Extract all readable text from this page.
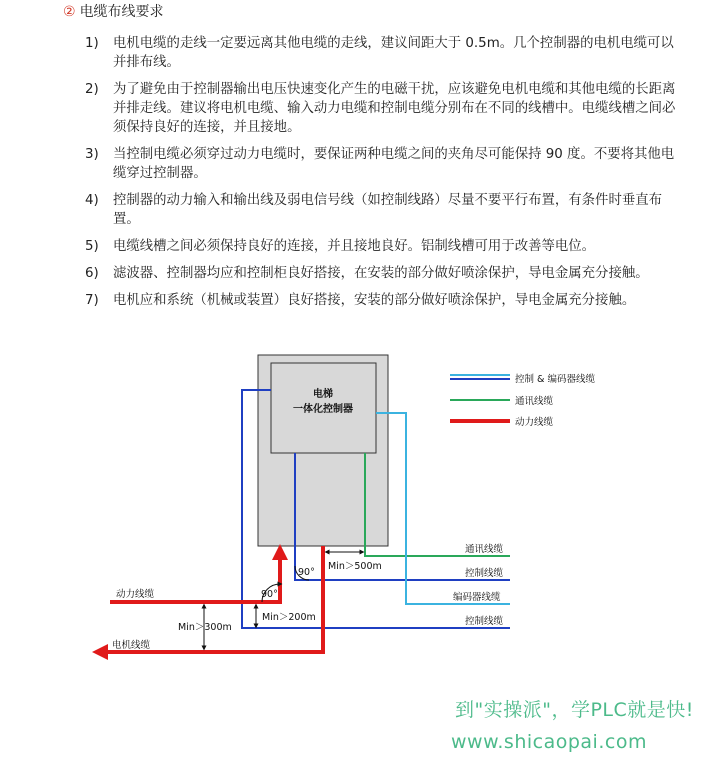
② 电缆布线要求
1)	电机电缆的走线一定要远离其他电缆的走线，建议间距大于 0.5m。几个控制器的电机电缆可以并排布线。
2)	为了避免由于控制器输出电压快速变化产生的电磁干扰，应该避免电机电缆和其他电缆的长距离并排走线。建议将电机电缆、输入动力电缆和控制电缆分别布在不同的线槽中。电缆线槽之间必须保持良好的连接，并且接地。
3)	当控制电缆必须穿过动力电缆时，要保证两种电缆之间的夹角尽可能保持 90 度。不要将其他电缆穿过控制器。
4)	控制器的动力输入和输出线及弱电信号线（如控制线路）尽量不要平行布置，有条件时垂直布置。
5)	电缆线槽之间必须保持良好的连接，并且接地良好。铝制线槽可用于改善等电位。
6)	滤波器、控制器均应和控制柜良好搭接，在安装的部分做好喷涂保护，导电金属充分接触。
7)	电机应和系统（机械或装置）良好搭接，安装的部分做好喷涂保护，导电金属充分接触。
电梯
一体化控制器
控制 & 编码器线缆
通讯线缆
动力线缆
通讯线缆
控制线缆
编码器线缆
控制线缆
动力线缆
电机线缆
Min＞500m
90°
90°
Min＞200m
Min＞300m
到"实操派"，学PLC就是快!
www.shicaopai.com
